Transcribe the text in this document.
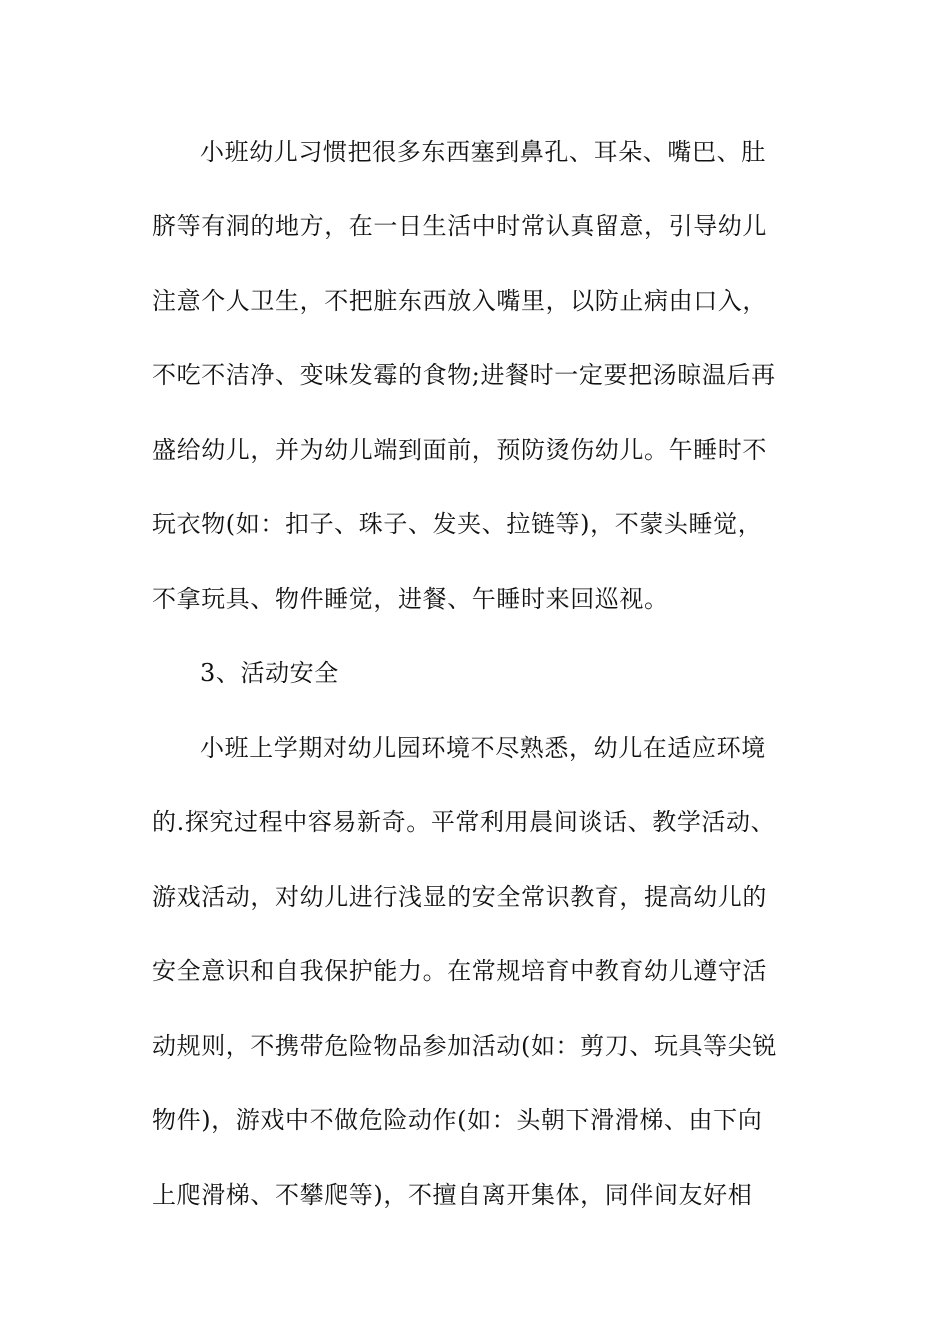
小班幼儿习惯把很多东西塞到鼻孔、耳朵、嘴巴、肚
脐等有洞的地方，在一日生活中时常认真留意，引导幼儿
注意个人卫生，不把脏东西放入嘴里，以防止病由口入，
不吃不洁净、变味发霉的食物;进餐时一定要把汤晾温后再
盛给幼儿，并为幼儿端到面前，预防烫伤幼儿。午睡时不
玩衣物(如：扣子、珠子、发夹、拉链等)，不蒙头睡觉，
不拿玩具、物件睡觉，进餐、午睡时来回巡视。
3、活动安全
小班上学期对幼儿园环境不尽熟悉，幼儿在适应环境
的.探究过程中容易新奇。平常利用晨间谈话、教学活动、
游戏活动，对幼儿进行浅显的安全常识教育，提高幼儿的
安全意识和自我保护能力。在常规培育中教育幼儿遵守活
动规则，不携带危险物品参加活动(如：剪刀、玩具等尖锐
物件)，游戏中不做危险动作(如：头朝下滑滑梯、由下向
上爬滑梯、不攀爬等)，不擅自离开集体，同伴间友好相
